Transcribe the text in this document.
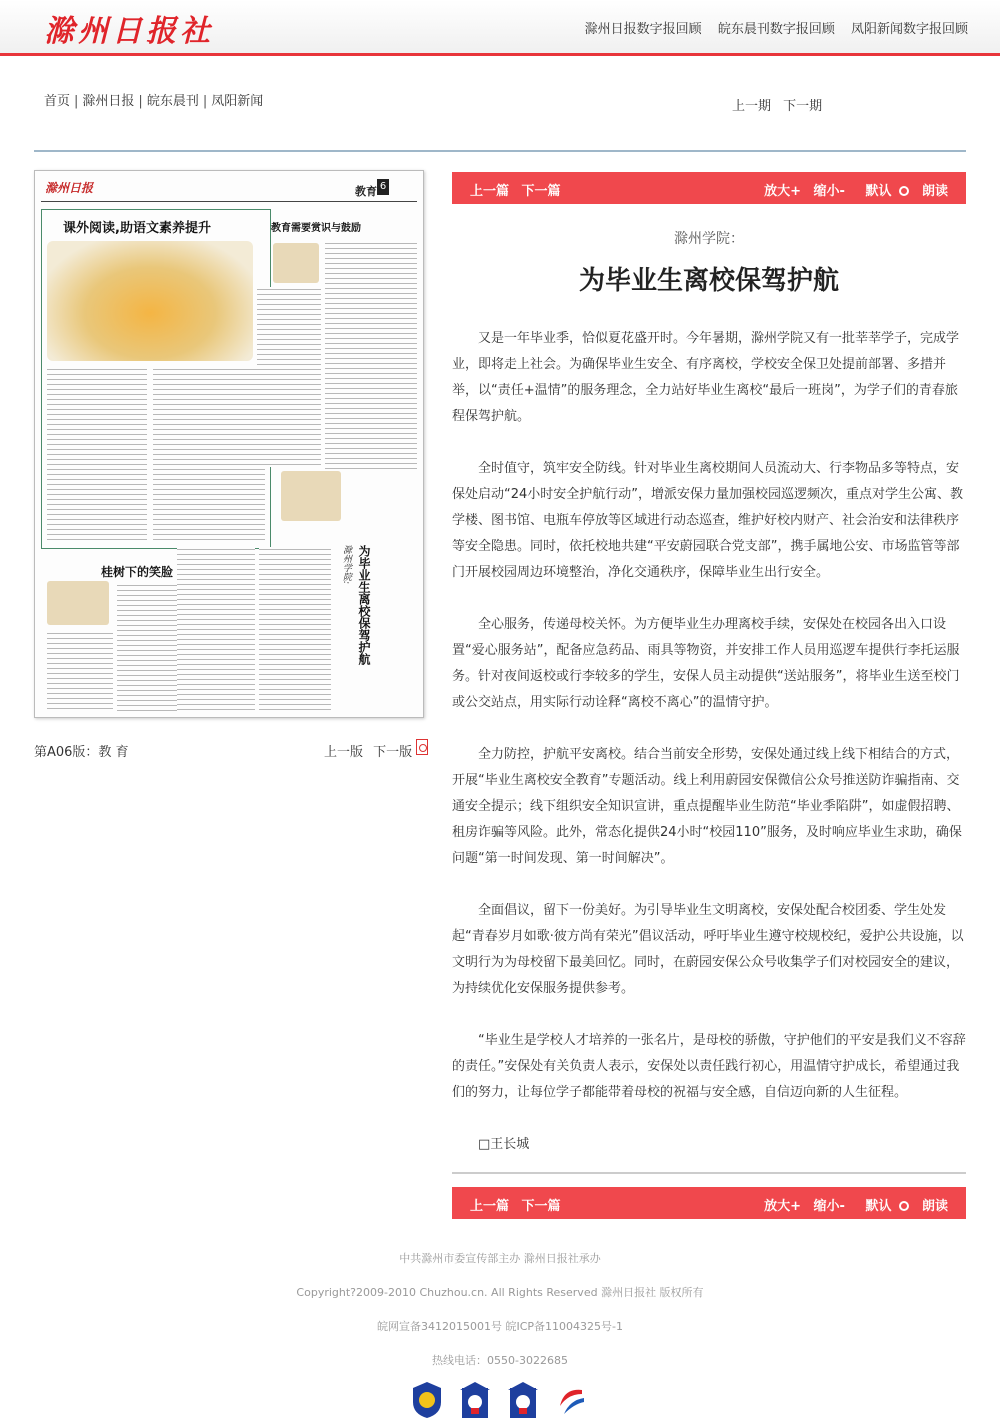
滁州日报社	滁州日报数字报回顾 皖东晨刊数字报回顾 凤阳新闻数字报回顾
首页 | 滁州日报 | 皖东晨刊 | 凤阳新闻	上一期 下一期
滁州日报	教育 6
课外阅读,助语文素养提升	教育需要赏识与鼓励
桂树下的笑脸	滁州学院: 为毕业生离校保驾护航
第A06版：教 育	上一版 下一版
上一篇 下一篇	放大+ 缩小- 默认 朗读
滁州学院：
为毕业生离校保驾护航

又是一年毕业季，恰似夏花盛开时。今年暑期，滁州学院又有一批莘莘学子，完成学业，即将走上社会。为确保毕业生安全、有序离校，学校安全保卫处提前部署、多措并举，以“责任+温情”的服务理念，全力站好毕业生离校“最后一班岗”，为学子们的青春旅程保驾护航。

全时值守，筑牢安全防线。针对毕业生离校期间人员流动大、行李物品多等特点，安保处启动“24小时安全护航行动”，增派安保力量加强校园巡逻频次，重点对学生公寓、教学楼、图书馆、电瓶车停放等区域进行动态巡查，维护好校内财产、社会治安和法律秩序等安全隐患。同时，依托校地共建“平安蔚园联合党支部”，携手属地公安、市场监管等部门开展校园周边环境整治，净化交通秩序，保障毕业生出行安全。

全心服务，传递母校关怀。为方便毕业生办理离校手续，安保处在校园各出入口设置“爱心服务站”，配备应急药品、雨具等物资，并安排工作人员用巡逻车提供行李托运服务。针对夜间返校或行李较多的学生，安保人员主动提供“送站服务”，将毕业生送至校门或公交站点，用实际行动诠释“离校不离心”的温情守护。

全力防控，护航平安离校。结合当前安全形势，安保处通过线上线下相结合的方式，开展“毕业生离校安全教育”专题活动。线上利用蔚园安保微信公众号推送防诈骗指南、交通安全提示；线下组织安全知识宣讲，重点提醒毕业生防范“毕业季陷阱”，如虚假招聘、租房诈骗等风险。此外，常态化提供24小时“校园110”服务，及时响应毕业生求助，确保问题“第一时间发现、第一时间解决”。

全面倡议，留下一份美好。为引导毕业生文明离校，安保处配合校团委、学生处发起“青春岁月如歌·彼方尚有荣光”倡议活动，呼吁毕业生遵守校规校纪，爱护公共设施，以文明行为为母校留下最美回忆。同时，在蔚园安保公众号收集学子们对校园安全的建议，为持续优化安保服务提供参考。

“毕业生是学校人才培养的一张名片，是母校的骄傲，守护他们的平安是我们义不容辞的责任。”安保处有关负责人表示，安保处以责任践行初心，用温情守护成长，希望通过我们的努力，让每位学子都能带着母校的祝福与安全感，自信迈向新的人生征程。

□王长城

上一篇 下一篇	放大+ 缩小- 默认 朗读
中共滁州市委宣传部主办 滁州日报社承办
Copyright?2009-2010 Chuzhou.cn. All Rights Reserved 滁州日报社 版权所有
皖网宣备3412015001号 皖ICP备11004325号-1
热线电话：0550-3022685
